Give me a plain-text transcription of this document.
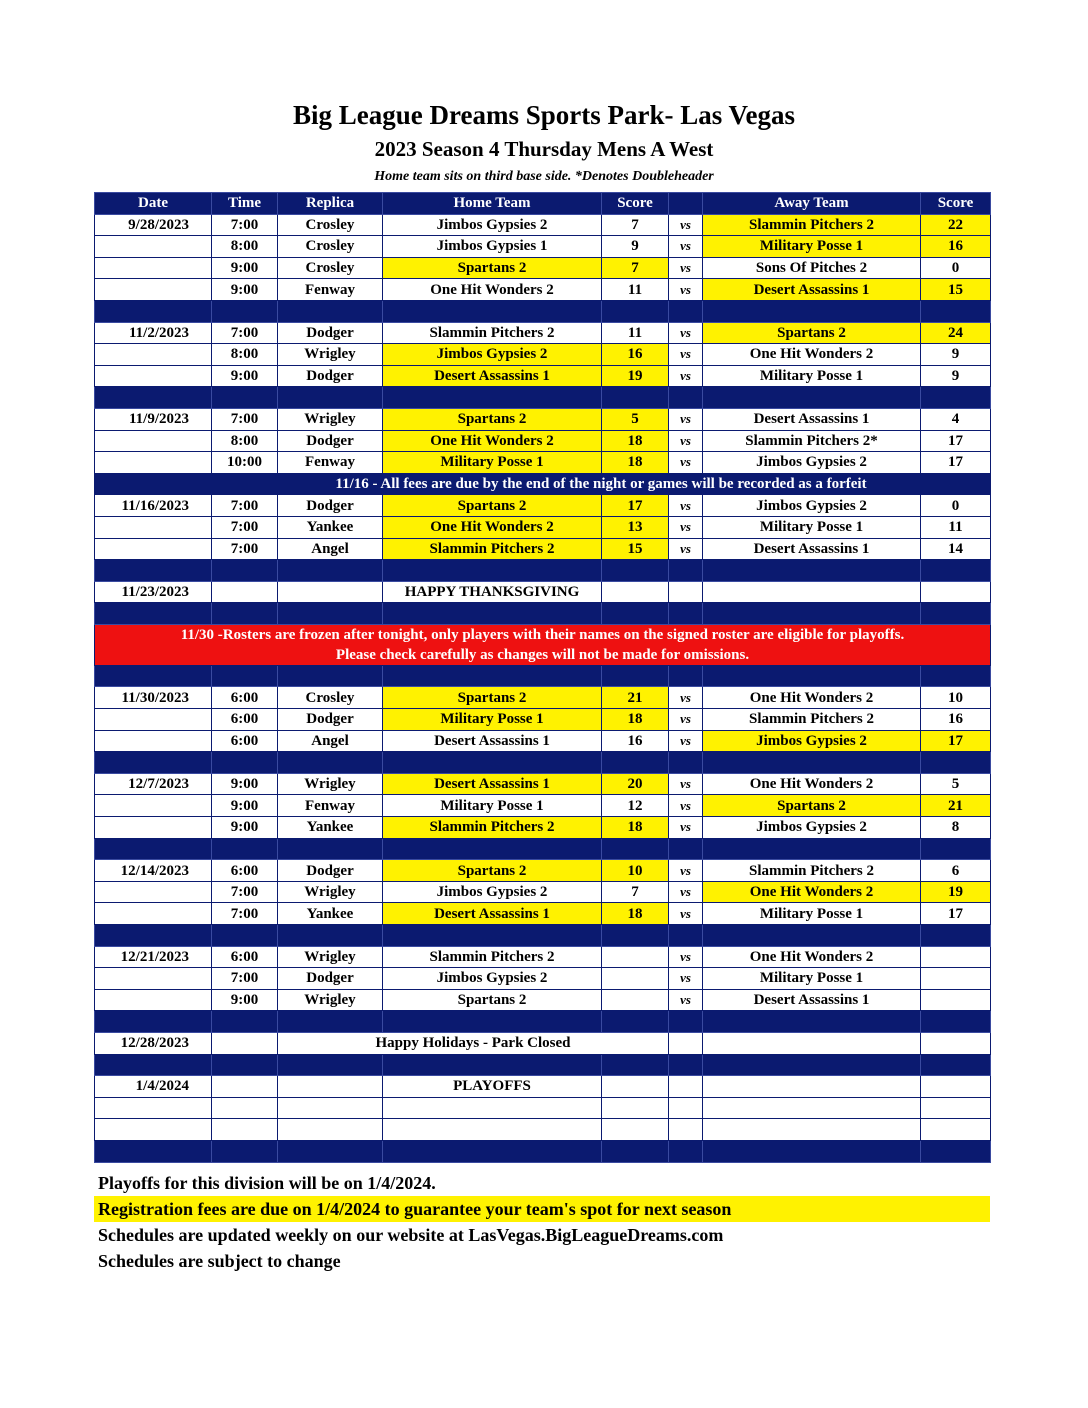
Big League Dreams Sports Park- Las Vegas
2023 Season 4 Thursday Mens A West
Home team sits on third base side. *Denotes Doubleheader
Date	Time	Replica	Home Team	Score		Away Team	Score
9/28/2023	7:00	Crosley	Jimbos Gypsies 2	7	vs	Slammin Pitchers 2	22
	8:00	Crosley	Jimbos Gypsies 1	9	vs	Military Posse 1	16
	9:00	Crosley	Spartans 2	7	vs	Sons Of Pitches 2	0
	9:00	Fenway	One Hit Wonders 2	11	vs	Desert Assassins 1	15

11/2/2023	7:00	Dodger	Slammin Pitchers 2	11	vs	Spartans 2	24
	8:00	Wrigley	Jimbos Gypsies 2	16	vs	One Hit Wonders 2	9
	9:00	Dodger	Desert Assassins 1	19	vs	Military Posse 1	9

11/9/2023	7:00	Wrigley	Spartans 2	5	vs	Desert Assassins 1	4
	8:00	Dodger	One Hit Wonders 2	18	vs	Slammin Pitchers 2*	17
	10:00	Fenway	Military Posse 1	18	vs	Jimbos Gypsies 2	17
	11/16 - All fees are due by the end of the night or games will be recorded as a forfeit						
11/16/2023	7:00	Dodger	Spartans 2	17	vs	Jimbos Gypsies 2	0
	7:00	Yankee	One Hit Wonders 2	13	vs	Military Posse 1	11
	7:00	Angel	Slammin Pitchers 2	15	vs	Desert Assassins 1	14

11/23/2023			HAPPY THANKSGIVING				

11/30 -Rosters are frozen after tonight, only players with their names on the signed roster are eligible for playoffs.
Please check carefully as changes will not be made for omissions.							

11/30/2023	6:00	Crosley	Spartans 2	21	vs	One Hit Wonders 2	10
	6:00	Dodger	Military Posse 1	18	vs	Slammin Pitchers 2	16
	6:00	Angel	Desert Assassins 1	16	vs	Jimbos Gypsies 2	17

12/7/2023	9:00	Wrigley	Desert Assassins 1	20	vs	One Hit Wonders 2	5
	9:00	Fenway	Military Posse 1	12	vs	Spartans 2	21
	9:00	Yankee	Slammin Pitchers 2	18	vs	Jimbos Gypsies 2	8

12/14/2023	6:00	Dodger	Spartans 2	10	vs	Slammin Pitchers 2	6
	7:00	Wrigley	Jimbos Gypsies 2	7	vs	One Hit Wonders 2	19
	7:00	Yankee	Desert Assassins 1	18	vs	Military Posse 1	17

12/21/2023	6:00	Wrigley	Slammin Pitchers 2		vs	One Hit Wonders 2	
	7:00	Dodger	Jimbos Gypsies 2		vs	Military Posse 1	
	9:00	Wrigley	Spartans 2		vs	Desert Assassins 1	

12/28/2023		Happy Holidays - Park Closed					

1/4/2024			PLAYOFFS				

Playoffs for this division will be on 1/4/2024.
Registration fees are due on 1/4/2024 to guarantee your team's spot for next season
Schedules are updated weekly on our website at LasVegas.BigLeagueDreams.com
Schedules are subject to change
